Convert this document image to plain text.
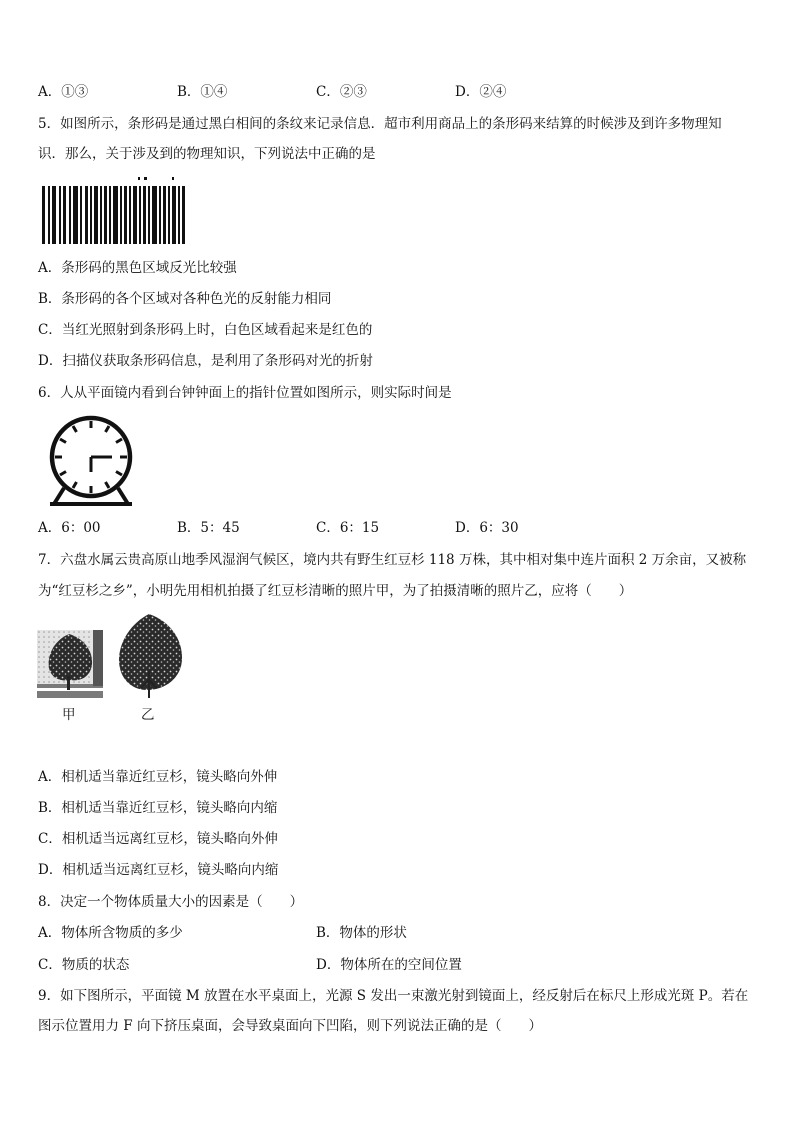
A．①③	B．①④	C．②③	D．②④
5．如图所示，条形码是通过黑白相间的条纹来记录信息．超市利用商品上的条形码来结算的时候涉及到许多物理知
识．那么，关于涉及到的物理知识，下列说法中正确的是
A．条形码的黑色区域反光比较强
B．条形码的各个区域对各种色光的反射能力相同
C．当红光照射到条形码上时，白色区域看起来是红色的
D．扫描仪获取条形码信息，是利用了条形码对光的折射
6．人从平面镜内看到台钟钟面上的指针位置如图所示，则实际时间是
A．6：00	B．5：45	C．6：15	D．6：30
7．六盘水属云贵高原山地季风湿润气候区，境内共有野生红豆杉 118 万株，其中相对集中连片面积 2 万余亩，又被称
为“红豆杉之乡”，小明先用相机拍摄了红豆杉清晰的照片甲，为了拍摄清晰的照片乙，应将（　　）
甲	乙
A．相机适当靠近红豆杉，镜头略向外伸
B．相机适当靠近红豆杉，镜头略向内缩
C．相机适当远离红豆杉，镜头略向外伸
D．相机适当远离红豆杉，镜头略向内缩
8．决定一个物体质量大小的因素是（　　）
A．物体所含物质的多少	B．物体的形状
C．物质的状态	D．物体所在的空间位置
9．如下图所示，平面镜 M 放置在水平桌面上，光源 S 发出一束激光射到镜面上，经反射后在标尺上形成光斑 P。若在
图示位置用力 F 向下挤压桌面，会导致桌面向下凹陷，则下列说法正确的是（　　）
